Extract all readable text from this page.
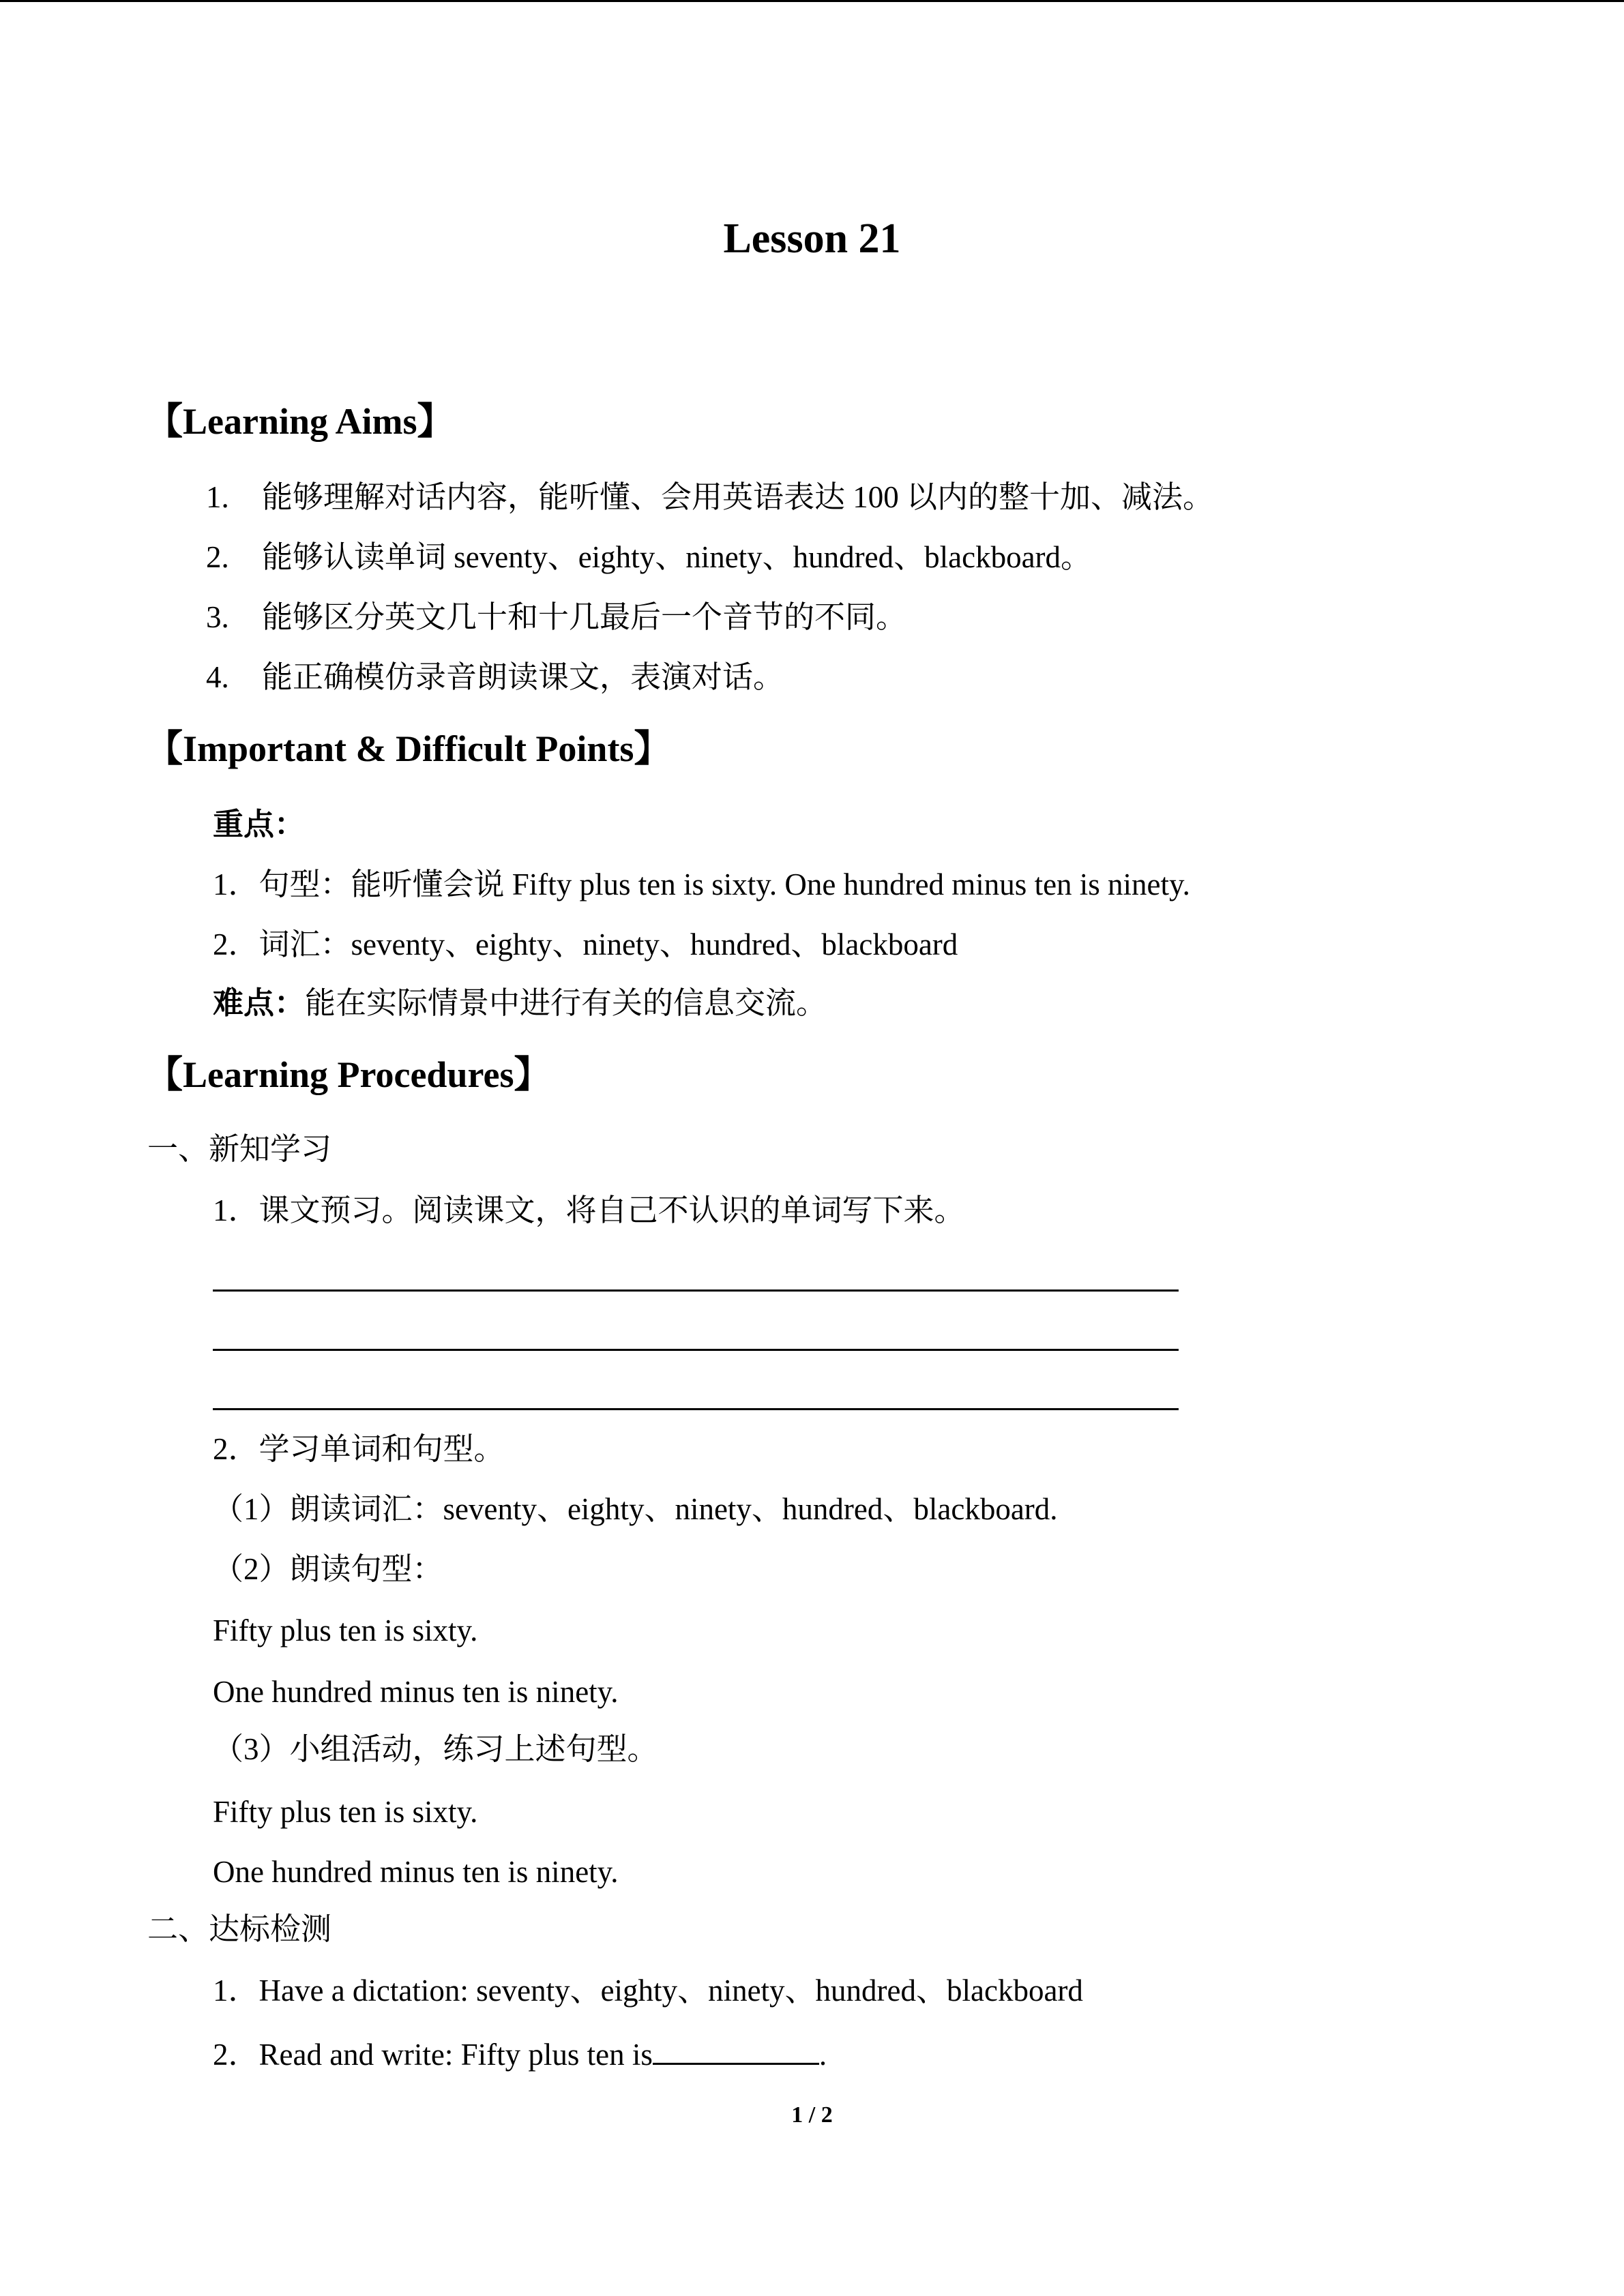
Lesson 21
【Learning Aims】
1. 能够理解对话内容，能听懂、会用英语表达 100 以内的整十加、减法。
2. 能够认读单词 seventy、eighty、ninety、hundred、blackboard。
3. 能够区分英文几十和十几最后一个音节的不同。
4. 能正确模仿录音朗读课文，表演对话。
【Important & Difficult Points】
重点：
1．句型：能听懂会说 Fifty plus ten is sixty. One hundred minus ten is ninety.
2．词汇：seventy、eighty、ninety、hundred、blackboard
难点：能在实际情景中进行有关的信息交流。
【Learning Procedures】
一、新知学习
1．课文预习。阅读课文，将自己不认识的单词写下来。
2．学习单词和句型。
（1）朗读词汇：seventy、eighty、ninety、hundred、blackboard.
（2）朗读句型：
Fifty plus ten is sixty.
One hundred minus ten is ninety.
（3）小组活动，练习上述句型。
Fifty plus ten is sixty.
One hundred minus ten is ninety.
二、达标检测
1．Have a dictation: seventy、eighty、ninety、hundred、blackboard
2．Read and write: Fifty plus ten is	.
1 / 2
